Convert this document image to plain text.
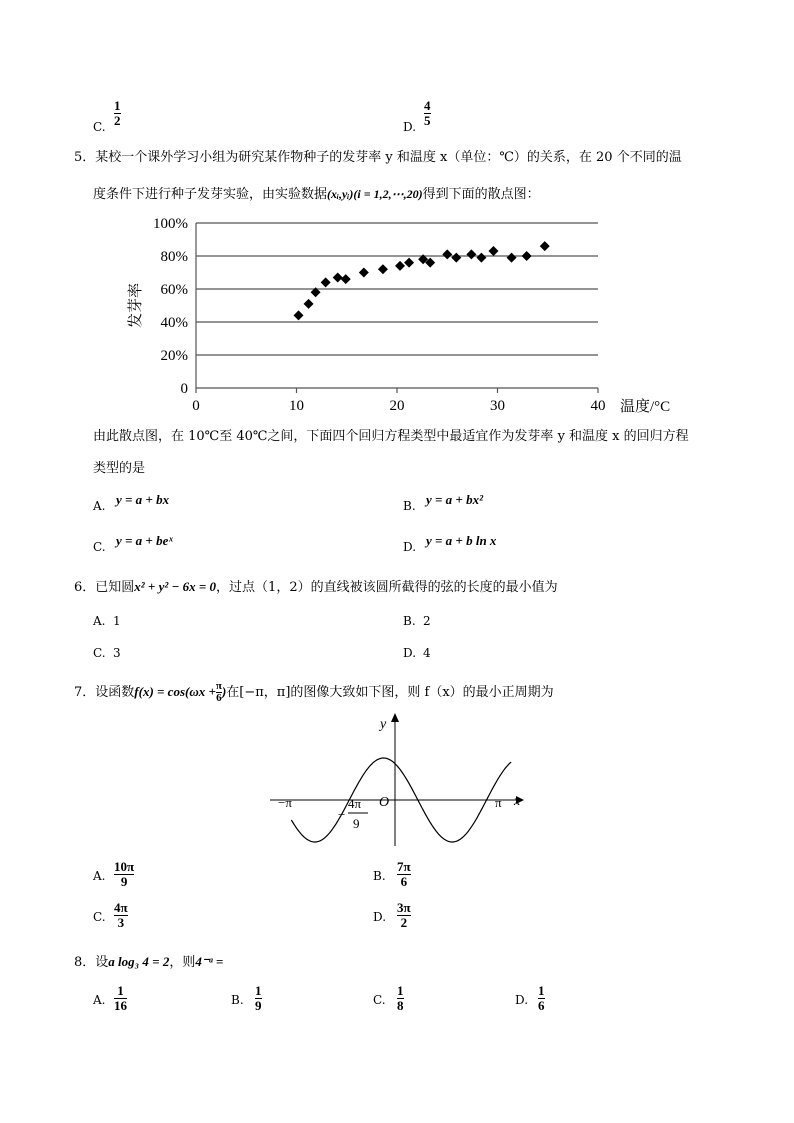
C.
1
2	D.
4
5
5．某校一个课外学习小组为研究某作物种子的发芽率 y 和温度 x（单位：℃）的关系，在 20 个不同的温
度条件下进行种子发芽实验，由实验数据(xᵢ,yᵢ)(i = 1,2,⋯,20)得到下面的散点图：
0
20%
40%
60%
80%
100%
0	10	20	30	40 温度/°C
发芽率
由此散点图，在 10℃至 40℃之间，下面四个回归方程类型中最适宜作为发芽率 y 和温度 x 的回归方程
类型的是
A. y = a + bx	B. y = a + bx²
C. y = a + beˣ	D. y = a + b ln x
6．已知圆x² + y² − 6x = 0，过点（1，2）的直线被该圆所截得的弦的长度的最小值为
A. 1	B. 2
C. 3	D. 4
7．设函数$f(x) = \cos(\omega x + \frac{\pi}{6}$ )在[−π，π]的图像大致如下图，则 f（x）的最小正周期为
y
x
O
−π	π
−
4π
9
A.
10π
9	B.
7π
6
C.
4π
3	D.
3π
2
8．设a log₃ 4 = 2，则4⁻ᵃ =
A.
1
16	B.
1
9	C.
1
8	D.
1
6
